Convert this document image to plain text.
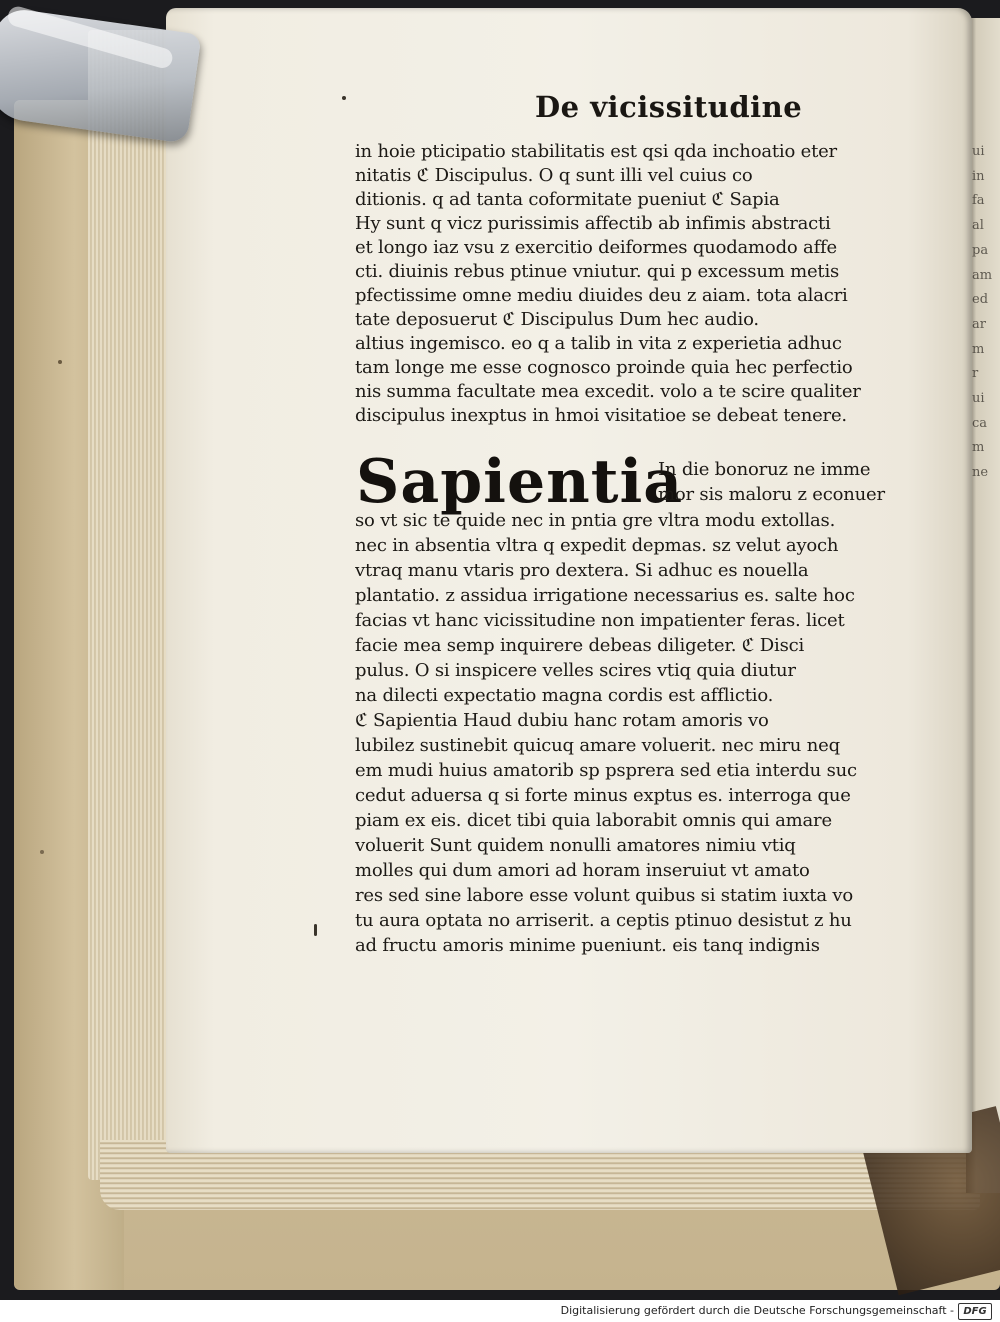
ui
in
fa
al
pa
am
ed
ar
m
r
ui
ca
m
ne
De vicissitudine
in hoie pticipatio stabilitatis est qsi qda inchoatio eter
nitatis ℭ Discipulus. O q sunt illi vel cuius co
ditionis. q ad tanta coformitate pueniut ℭ Sapia
Hy sunt q vicz purissimis affectib ab infimis abstracti
et longo iaz vsu z exercitio deiformes quodamodo affe
cti. diuinis rebus ptinue vniutur. qui p excessum metis
pfectissime omne mediu diuides deu z aiam. tota alacri
tate deposuerut ℭ Discipulus Dum hec audio.
altius ingemisco. eo q a talib in vita z experietia adhuc
tam longe me esse cognosco proinde quia hec perfectio
nis summa facultate mea excedit. volo a te scire qualiter
discipulus inexptus in hmoi visitatioe se debeat tenere.
Sapientia
In die bonoruz ne imme
mor sis maloru z econuer
so vt sic te quide nec in pntia gre vltra modu extollas.
nec in absentia vltra q expedit depmas. sz velut ayoch
vtraq manu vtaris pro dextera. Si adhuc es nouella
plantatio. z assidua irrigatione necessarius es. salte hoc
facias vt hanc vicissitudine non impatienter feras. licet
facie mea semp inquirere debeas diligeter. ℭ Disci
pulus. O si inspicere velles scires vtiq quia diutur
na dilecti expectatio magna cordis est afflictio.
ℭ Sapientia Haud dubiu hanc rotam amoris vo
lubilez sustinebit quicuq amare voluerit. nec miru neq
em mudi huius amatorib sp psprera sed etia interdu suc
cedut aduersa q si forte minus exptus es. interroga que
piam ex eis. dicet tibi quia laborabit omnis qui amare
voluerit Sunt quidem nonulli amatores nimiu vtiq
molles qui dum amori ad horam inseruiut vt amato
res sed sine labore esse volunt quibus si statim iuxta vo
tu aura optata no arriserit. a ceptis ptinuo desistut z hu
ad fructu amoris minime pueniunt. eis tanq indignis
Digitalisierung gefördert durch die Deutsche Forschungsgemeinschaft - DFG
